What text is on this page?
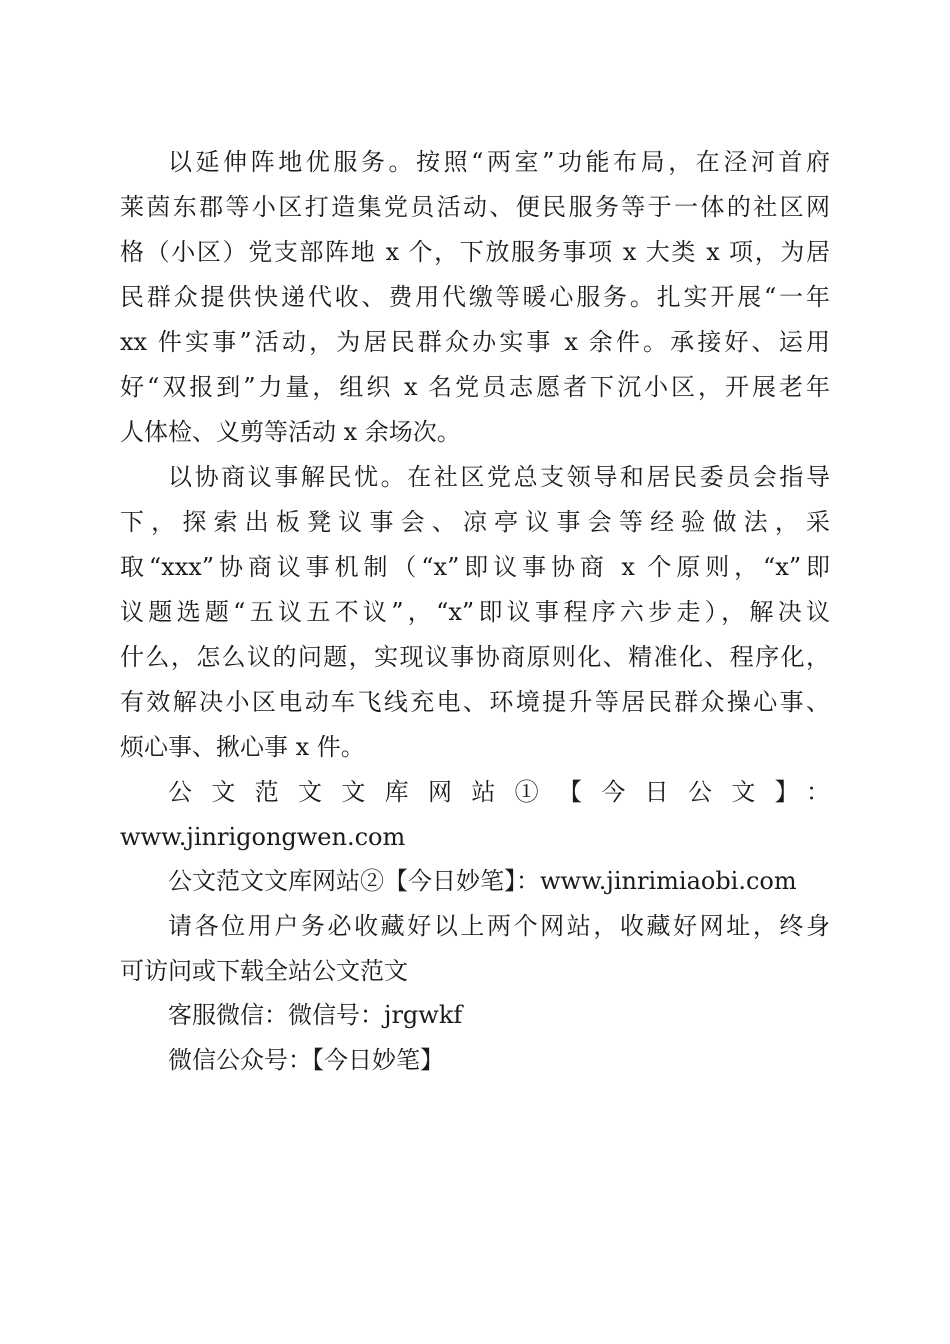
以延伸阵地优服务。按照“两室”功能布局，在泾河首府
莱茵东郡等小区打造集党员活动、便民服务等于一体的社区网
格（小区）党支部阵地 x 个，下放服务事项 x 大类 x 项，为居
民群众提供快递代收、费用代缴等暖心服务。扎实开展“一年
xx 件实事”活动，为居民群众办实事 x 余件。承接好、运用
好“双报到”力量，组织 x 名党员志愿者下沉小区，开展老年
人体检、义剪等活动 x 余场次。
以协商议事解民忧。在社区党总支领导和居民委员会指导
下，探索出板凳议事会、凉亭议事会等经验做法，采
取“xxx”协商议事机制（“x”即议事协商 x 个原则，“x”即
议题选题“五议五不议”，“x”即议事程序六步走），解决议
什么，怎么议的问题，实现议事协商原则化、精准化、程序化，
有效解决小区电动车飞线充电、环境提升等居民群众操心事、
烦心事、揪心事 x 件。
公文范文文库网站①【今日公文】：
www.jinrigongwen.com
公文范文文库网站②【今日妙笔】：www.jinrimiaobi.com
请各位用户务必收藏好以上两个网站，收藏好网址，终身
可访问或下载全站公文范文
客服微信：微信号：jrgwkf
微信公众号：【今日妙笔】
